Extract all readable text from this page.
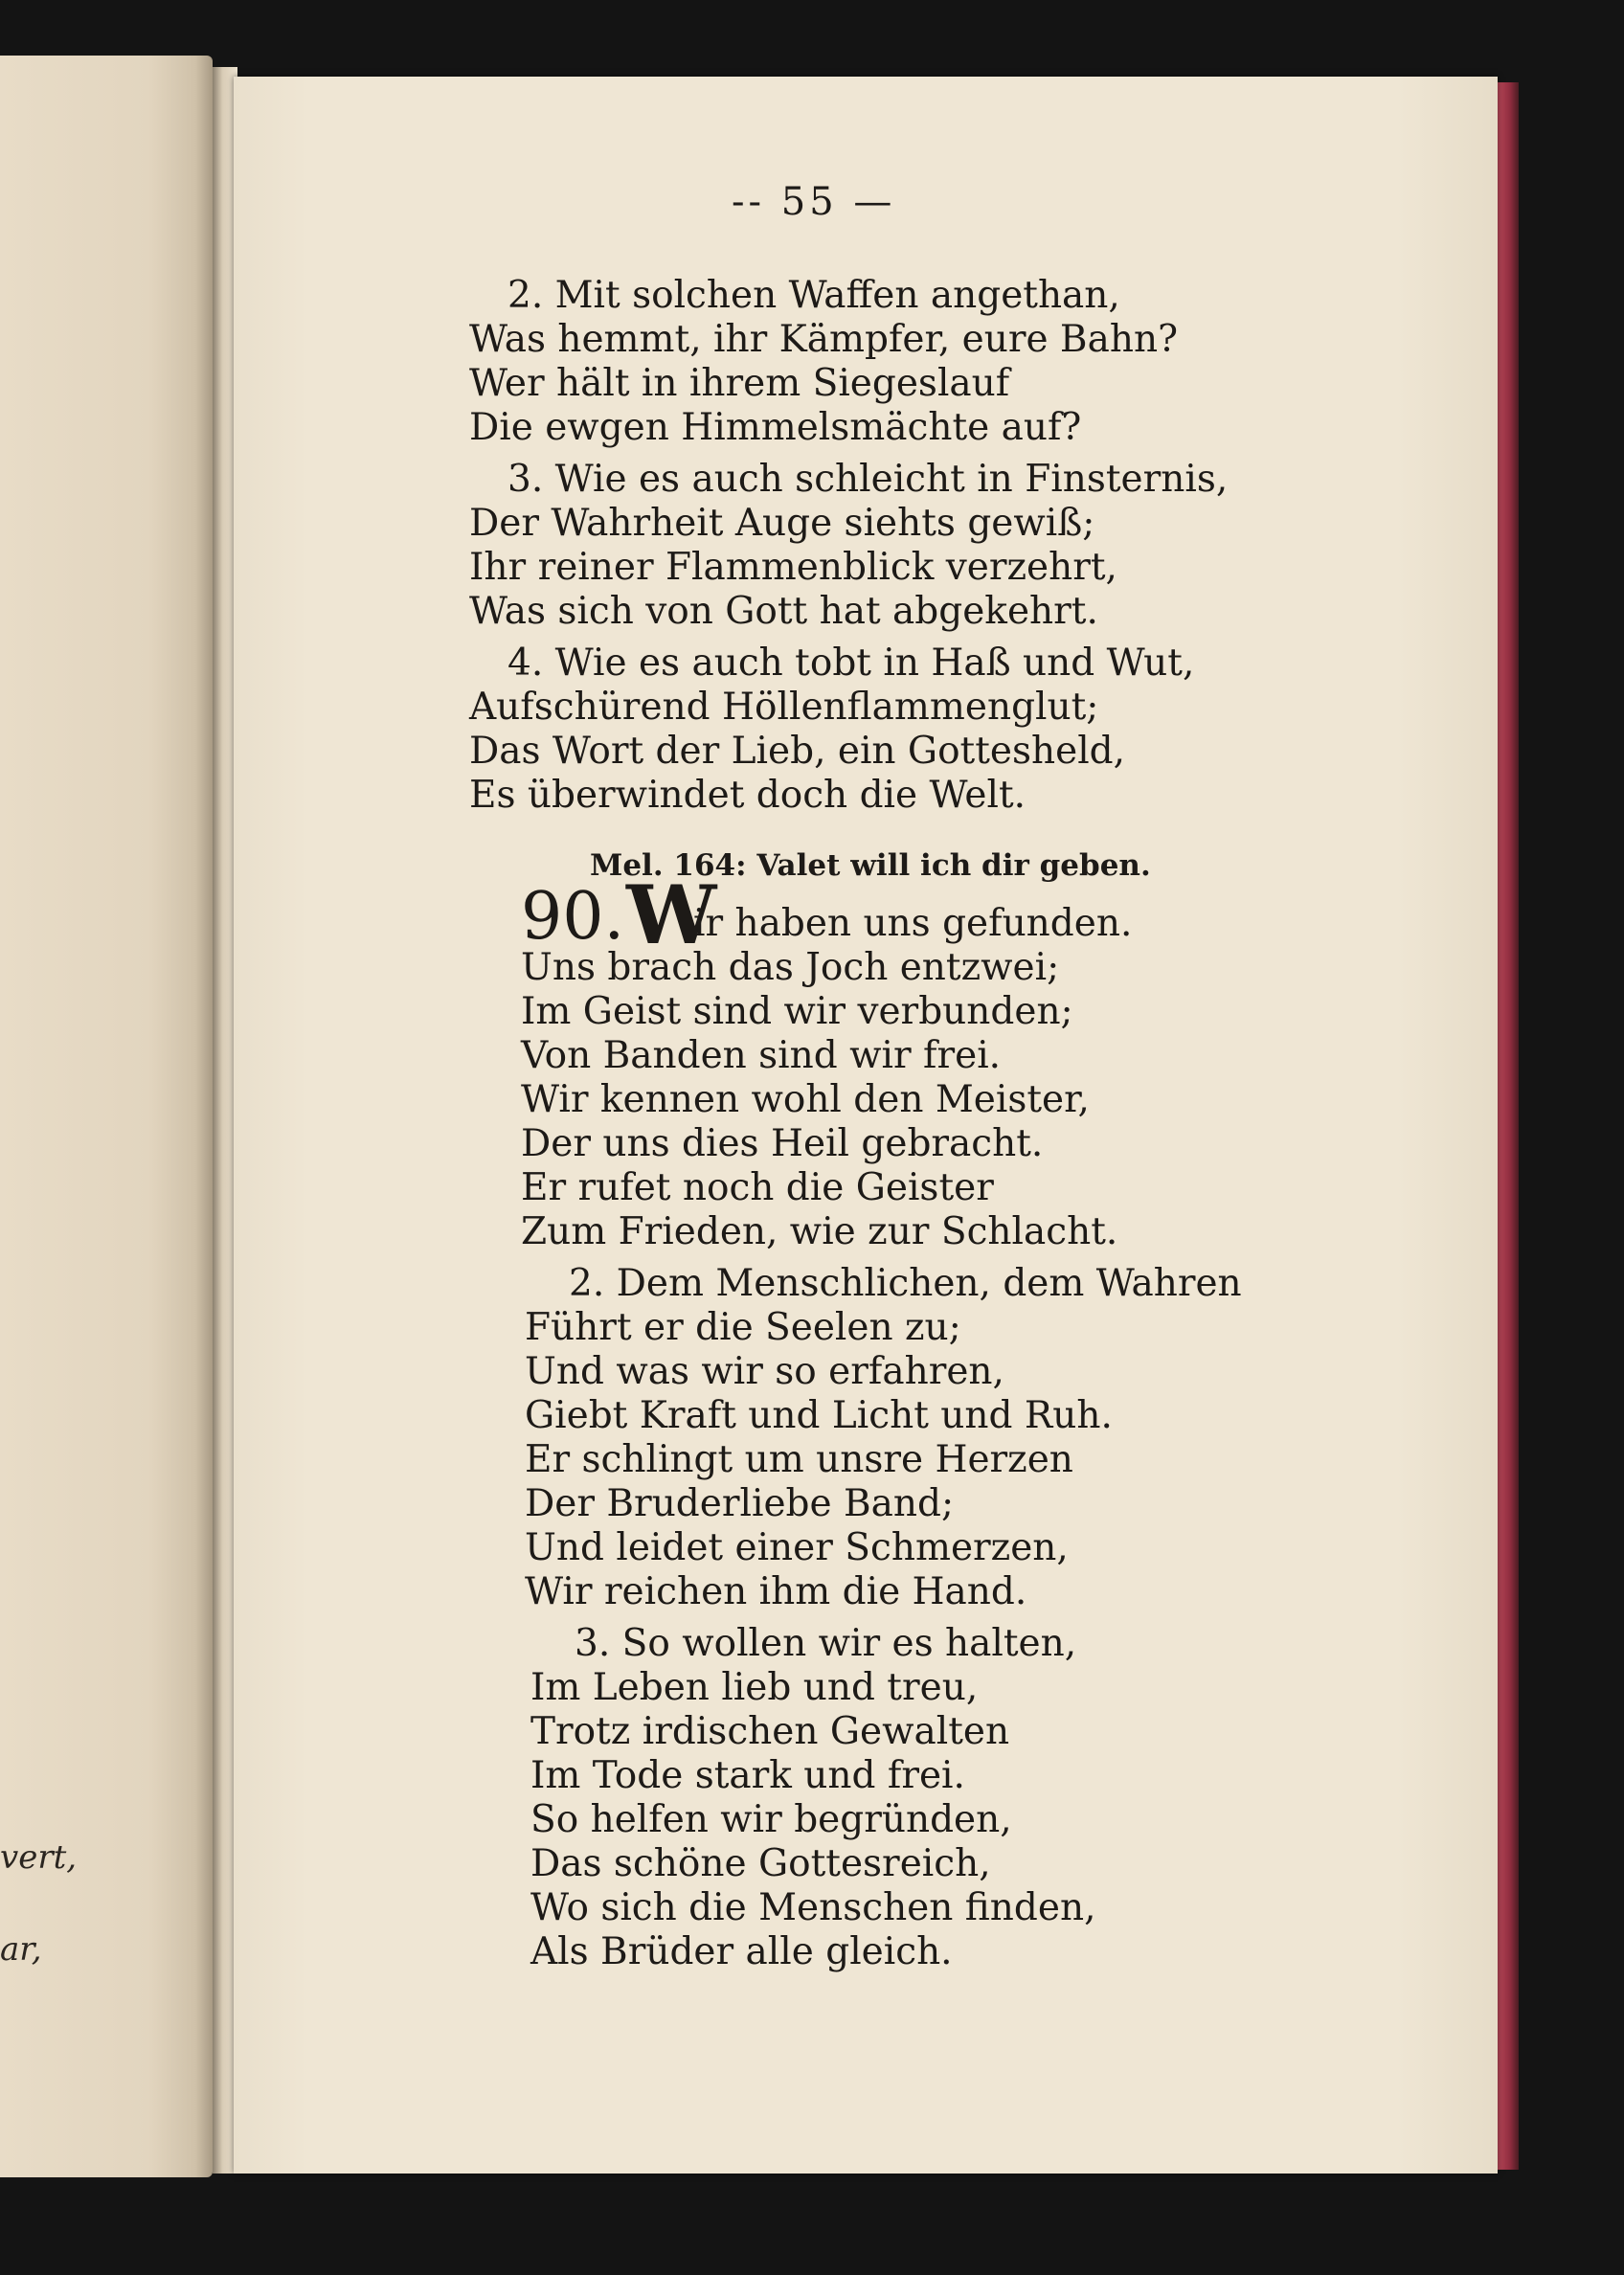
vert,
ar,
-- 55 —
2. Mit solchen Waffen angethan,
Was hemmt, ihr Kämpfer, eure Bahn?
Wer hält in ihrem Siegeslauf
Die ewgen Himmelsmächte auf?
3. Wie es auch schleicht in Finsternis,
Der Wahrheit Auge siehts gewiß;
Ihr reiner Flammenblick verzehrt,
Was sich von Gott hat abgekehrt.
4. Wie es auch tobt in Haß und Wut,
Aufschürend Höllenflammenglut;
Das Wort der Lieb, ein Gottesheld,
Es überwindet doch die Welt.
Mel. 164: Valet will ich dir geben.
90. W
ir haben uns gefunden.
Uns brach das Joch entzwei;
Im Geist sind wir verbunden;
Von Banden sind wir frei.
Wir kennen wohl den Meister,
Der uns dies Heil gebracht.
Er rufet noch die Geister
Zum Frieden, wie zur Schlacht.
2. Dem Menschlichen, dem Wahren
Führt er die Seelen zu;
Und was wir so erfahren,
Giebt Kraft und Licht und Ruh.
Er schlingt um unsre Herzen
Der Bruderliebe Band;
Und leidet einer Schmerzen,
Wir reichen ihm die Hand.
3. So wollen wir es halten,
Im Leben lieb und treu,
Trotz irdischen Gewalten
Im Tode stark und frei.
So helfen wir begründen,
Das schöne Gottesreich,
Wo sich die Menschen finden,
Als Brüder alle gleich.
